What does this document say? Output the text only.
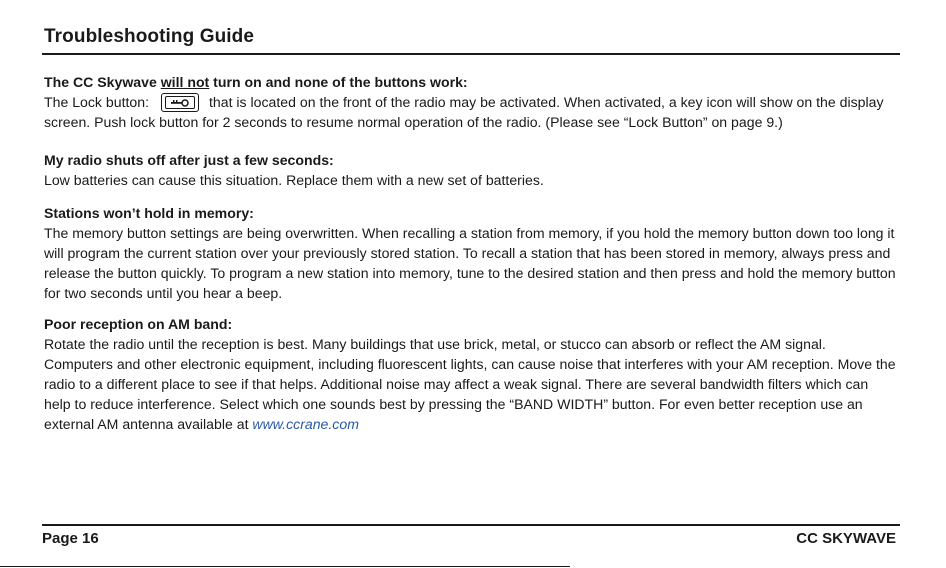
Troubleshooting Guide
The CC Skywave will not turn on and none of the buttons work:

The Lock button:	that is located on the front of the radio may be activated. When activated, a key icon will show on the display screen. Push lock button for 2 seconds to resume normal operation of the radio. (Please see “Lock Button” on page 9.)

My radio shuts off after just a few seconds:

Low batteries can cause this situation. Replace them with a new set of batteries.

Stations won’t hold in memory:

The memory button settings are being overwritten. When recalling a station from memory, if you hold the memory button down too long it will program the current station over your previously stored station. To recall a station that has been stored in memory, always press and release the button quickly. To program a new station into memory, tune to the desired station and then press and hold the memory button for two seconds until you hear a beep.

Poor reception on AM band:

Rotate the radio until the reception is best. Many buildings that use brick, metal, or stucco can absorb or reflect the AM signal. Computers and other electronic equipment, including fluorescent lights, can cause noise that interferes with your AM reception. Move the radio to a different place to see if that helps. Additional noise may affect a weak signal. There are several bandwidth filters which can help to reduce interference. Select which one sounds best by pressing the “BAND WIDTH” button. For even better reception use an external AM antenna available at www.ccrane.com

Page 16	CC SKYWAVE
